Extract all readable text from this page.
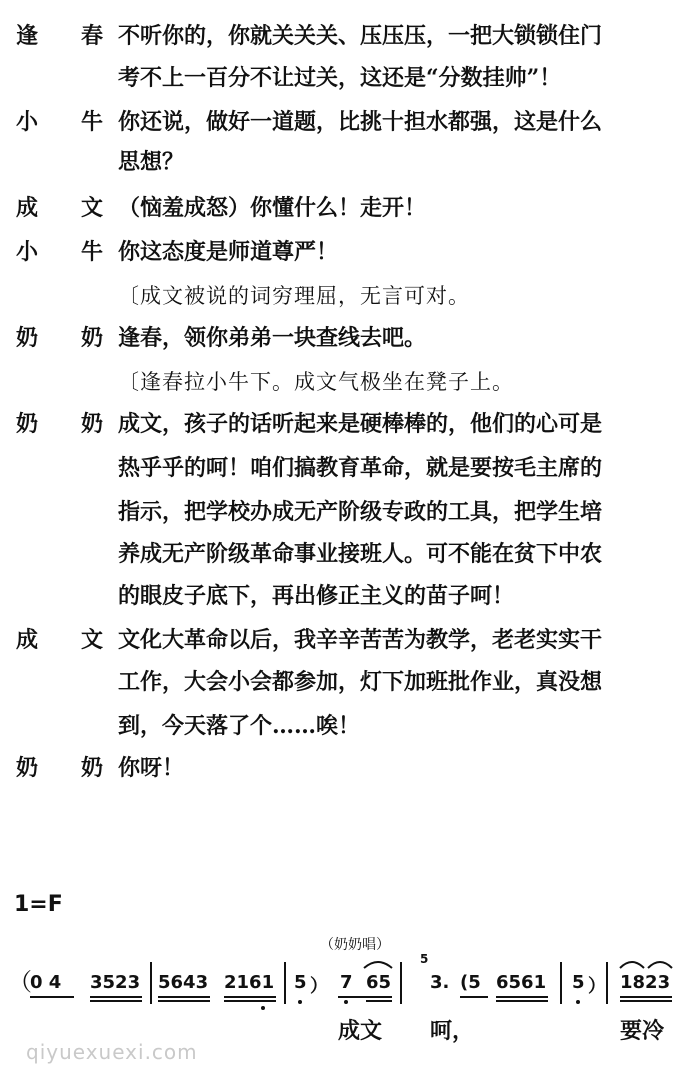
逢 春 不听你的，你就关关关、压压压，一把大锁锁住门
考不上一百分不让过关，这还是“分数挂帅”！
小 牛 你还说，做好一道题，比挑十担水都强，这是什么
思想？
成 文 （恼羞成怒）你懂什么！走开！
小 牛 你这态度是师道尊严！
〔成文被说的词穷理屈，无言可对。
奶 奶 逢春，领你弟弟一块查线去吧。
〔逢春拉小牛下。成文气极坐在凳子上。
奶 奶 成文，孩子的话听起来是硬棒棒的，他们的心可是
热乎乎的呵！咱们搞教育革命，就是要按毛主席的
指示，把学校办成无产阶级专政的工具，把学生培
养成无产阶级革命事业接班人。可不能在贫下中农
的眼皮子底下，再出修正主义的苗子呵！
成 文 文化大革命以后，我辛辛苦苦为教学，老老实实干
工作，大会小会都参加，灯下加班批作业，真没想
到，今天落了个……唉！
奶 奶 你呀！
1=F
（奶奶唱）
（
0 4 3523 5643 2161 5 ） 7 65
5
3. (5 6561 5 ） 1823
成文 呵，	要冷
qiyuexuexi.com
